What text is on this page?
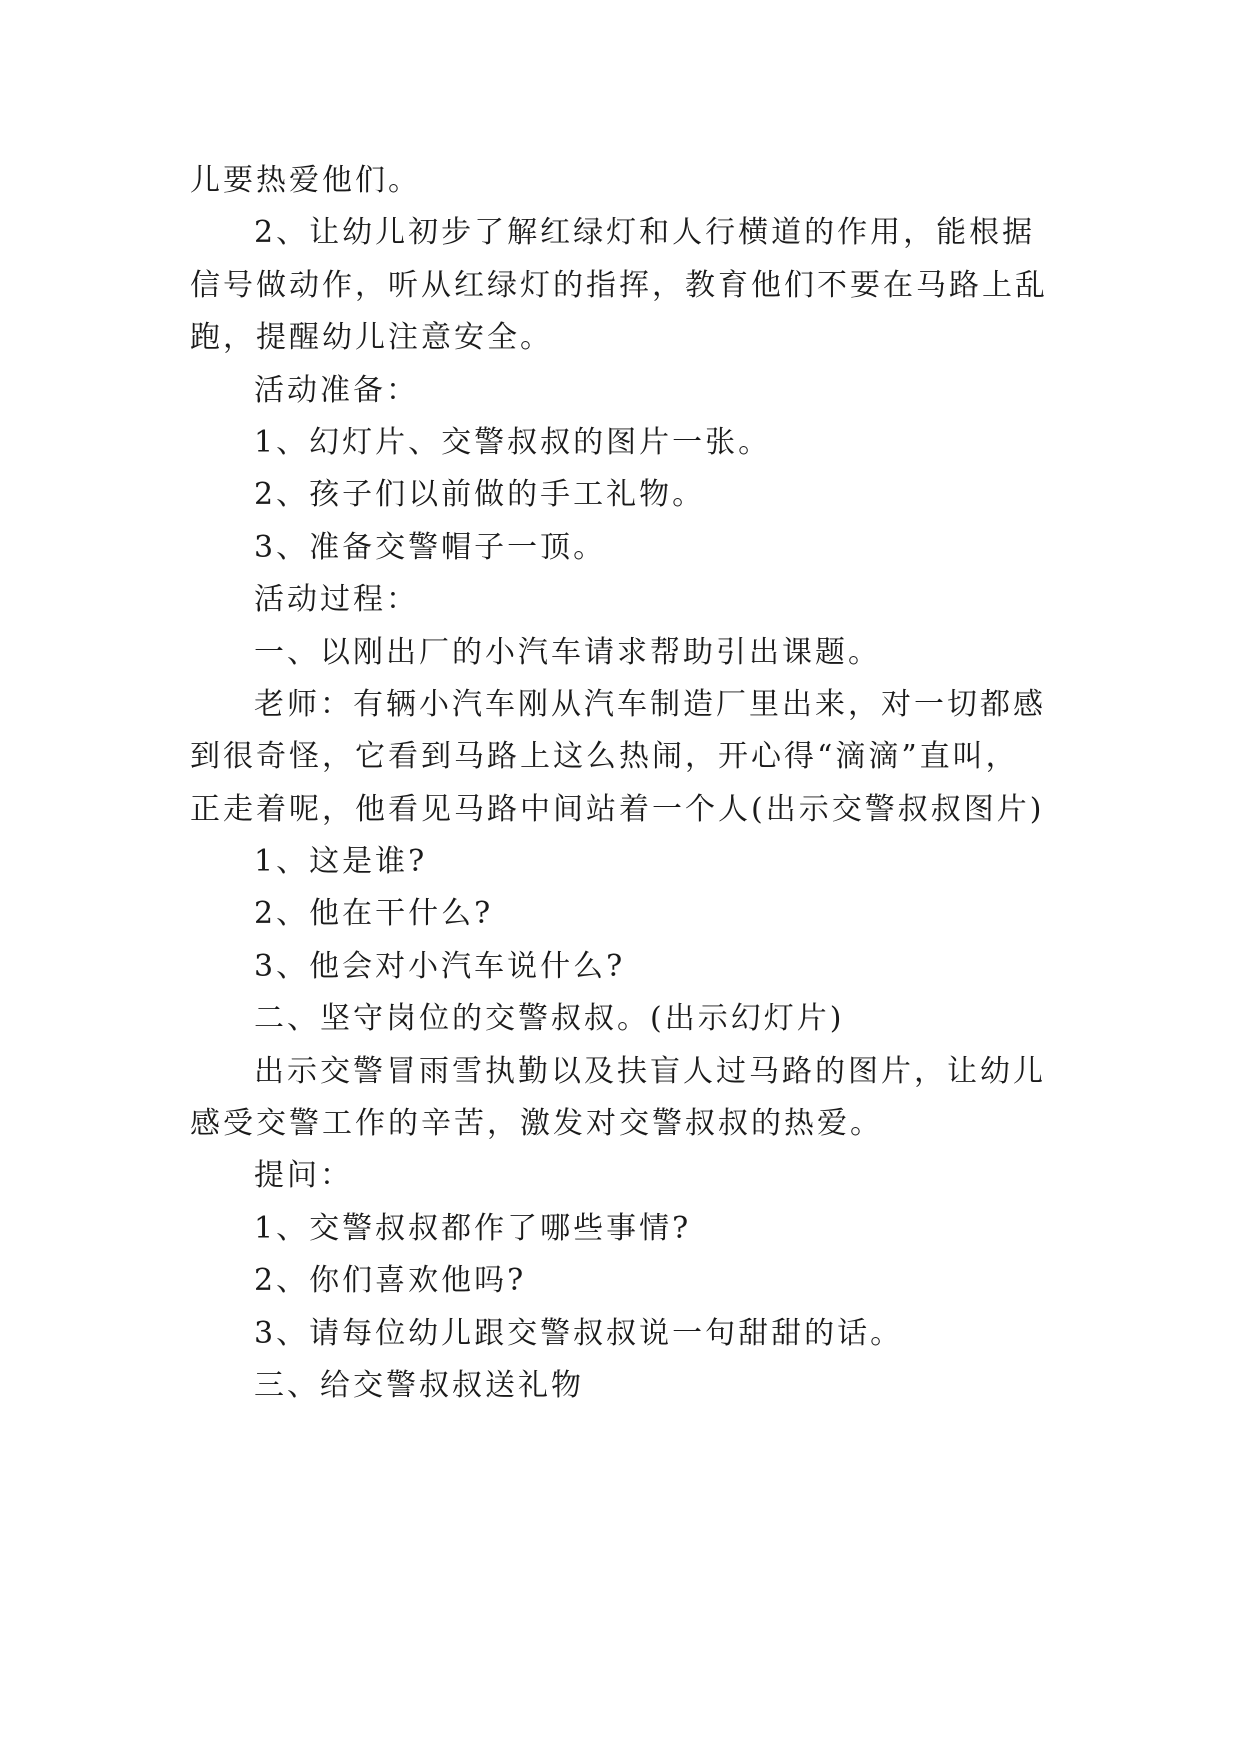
儿要热爱他们。
2、让幼儿初步了解红绿灯和人行横道的作用，能根据
信号做动作，听从红绿灯的指挥，教育他们不要在马路上乱
跑，提醒幼儿注意安全。
活动准备：
1、幻灯片、交警叔叔的图片一张。
2、孩子们以前做的手工礼物。
3、准备交警帽子一顶。
活动过程：
一、以刚出厂的小汽车请求帮助引出课题。
老师：有辆小汽车刚从汽车制造厂里出来，对一切都感
到很奇怪，它看到马路上这么热闹，开心得“滴滴”直叫，
正走着呢，他看见马路中间站着一个人(出示交警叔叔图片)
1、这是谁?
2、他在干什么?
3、他会对小汽车说什么?
二、坚守岗位的交警叔叔。(出示幻灯片)
出示交警冒雨雪执勤以及扶盲人过马路的图片，让幼儿
感受交警工作的辛苦，激发对交警叔叔的热爱。
提问：
1、交警叔叔都作了哪些事情?
2、你们喜欢他吗?
3、请每位幼儿跟交警叔叔说一句甜甜的话。
三、给交警叔叔送礼物
